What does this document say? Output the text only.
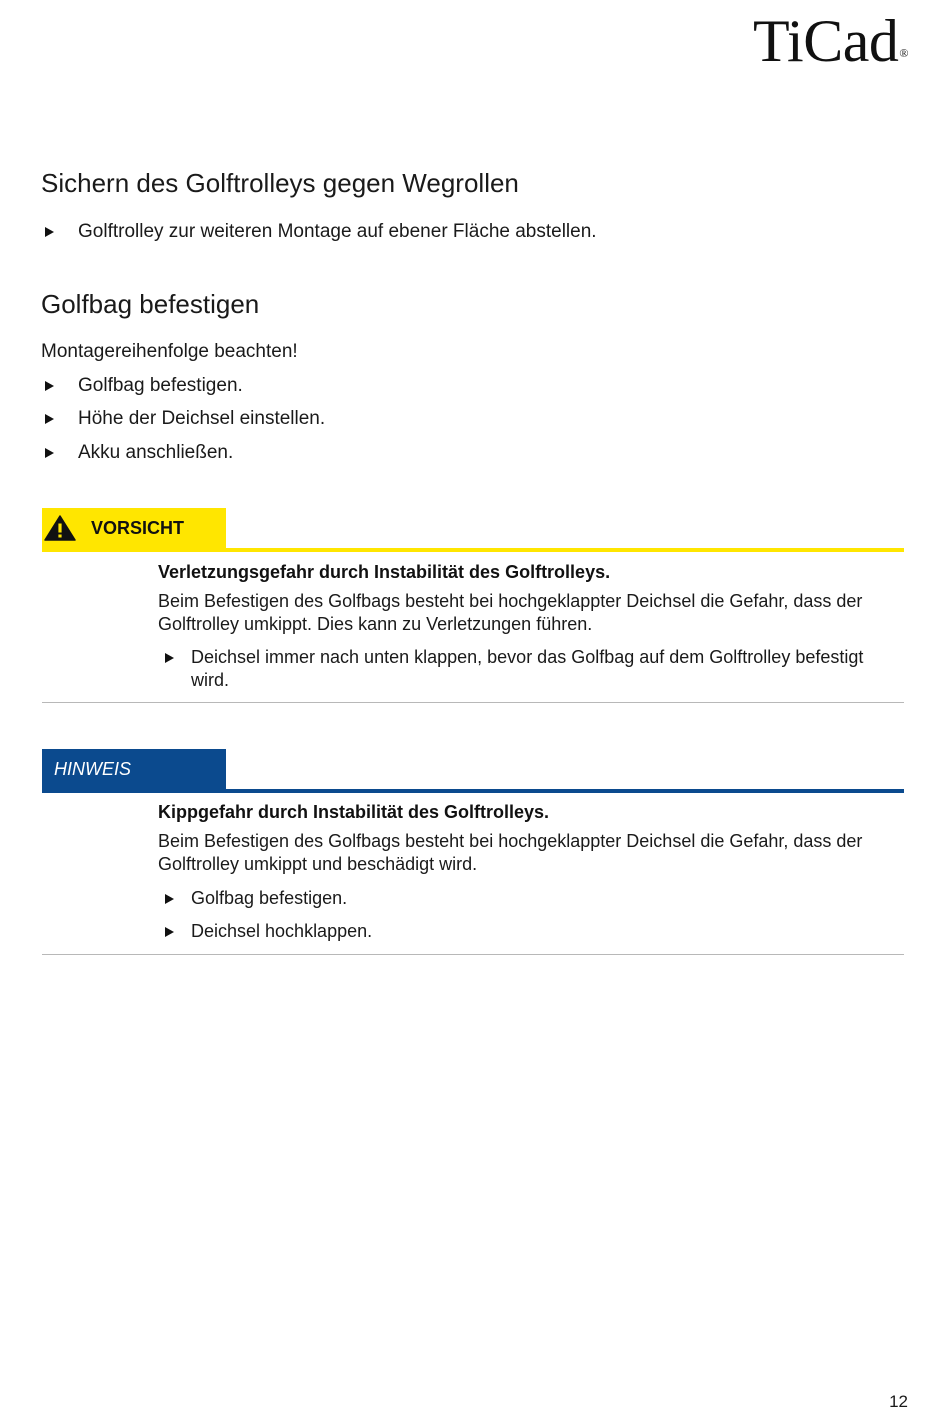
TiCad®
Sichern des Golftrolleys gegen Wegrollen
Golftrolley zur weiteren Montage auf ebener Fläche abstellen.
Golfbag befestigen

Montagereihenfolge beachten!

Golfbag befestigen.
Höhe der Deichsel einstellen.
Akku anschließen.
VORSICHT
Verletzungsgefahr durch Instabilität des Golftrolleys.
Beim Befestigen des Golfbags besteht bei hochgeklappter Deichsel die Gefahr, dass der Golftrolley umkippt. Dies kann zu Verletzungen führen.
Deichsel immer nach unten klappen, bevor das Golfbag auf dem Golftrolley befestigt wird.
HINWEIS
Kippgefahr durch Instabilität des Golftrolleys.
Beim Befestigen des Golfbags besteht bei hochgeklappter Deichsel die Gefahr, dass der Golftrolley umkippt und beschädigt wird.
Golfbag befestigen.
Deichsel hochklappen.
12
